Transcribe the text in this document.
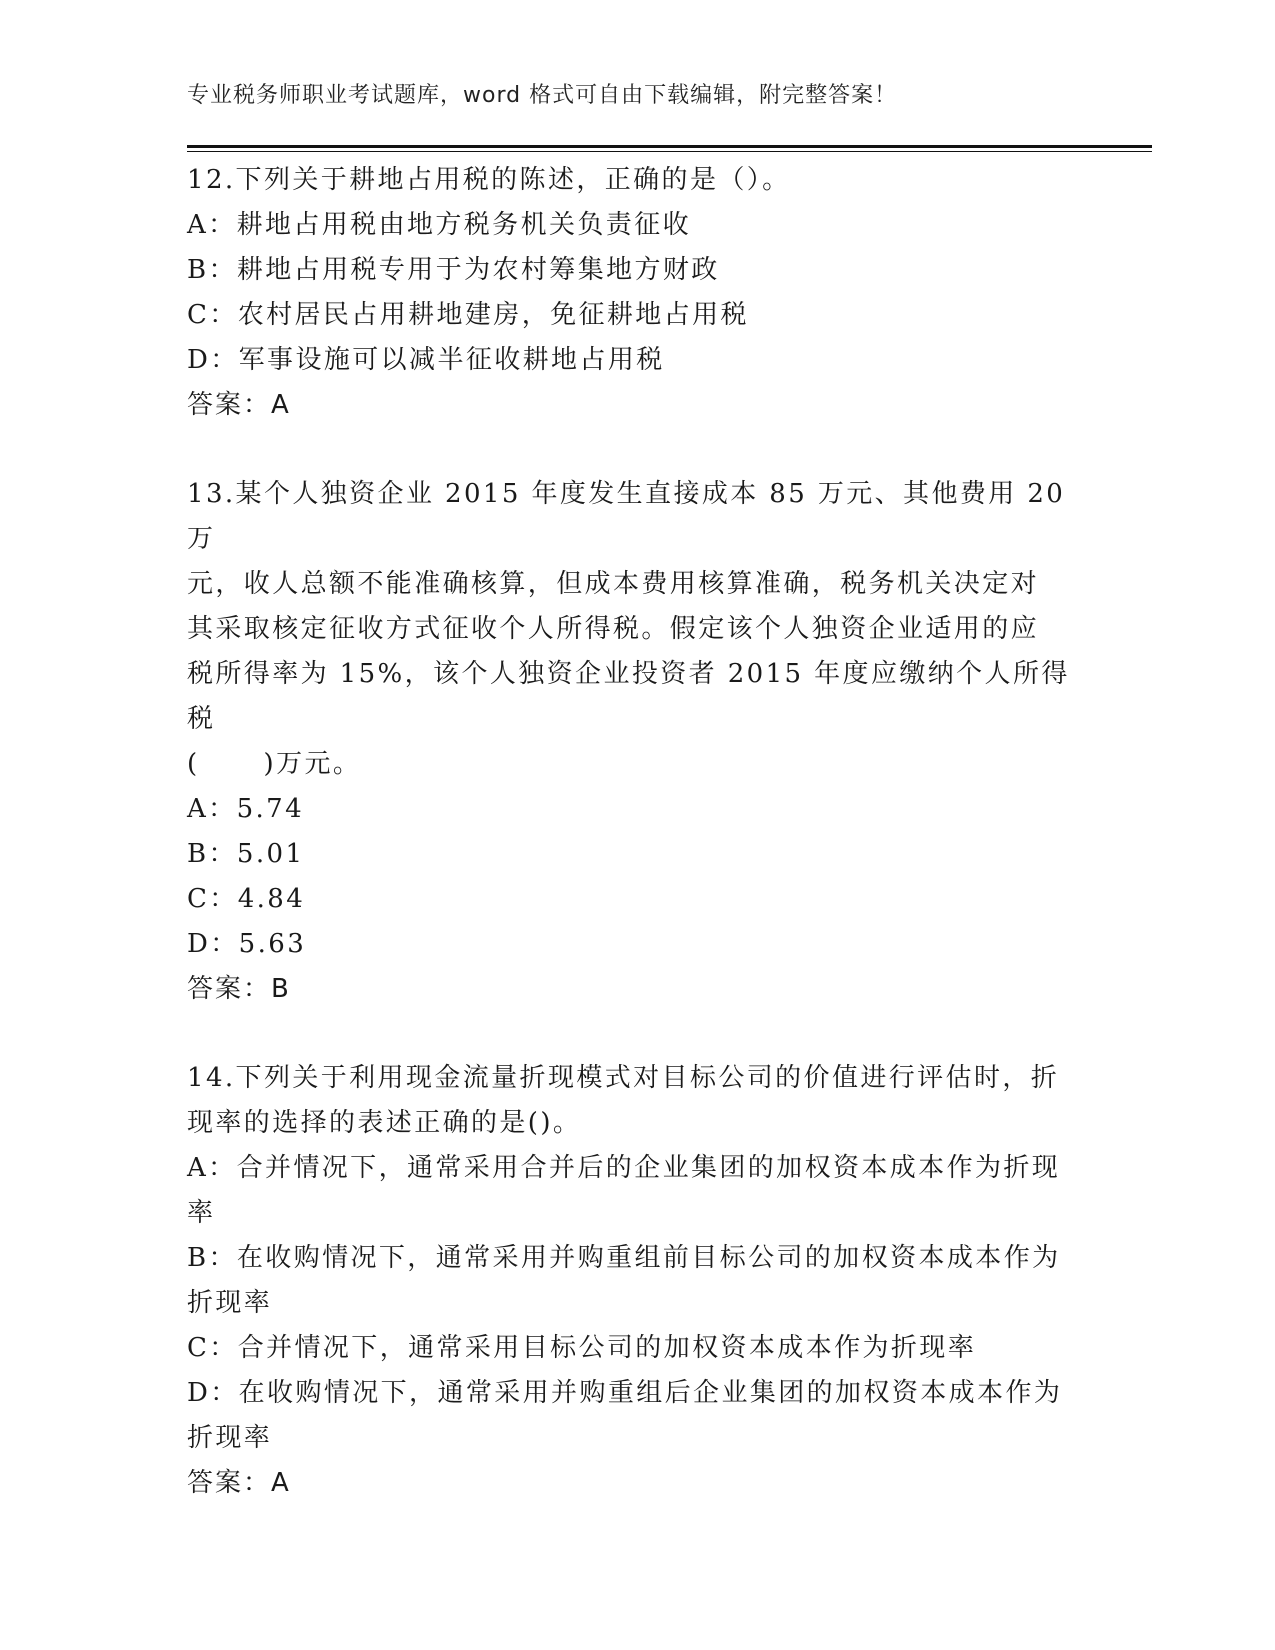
专业税务师职业考试题库，word 格式可自由下载编辑，附完整答案！
12.下列关于耕地占用税的陈述，正确的是（）。
A：耕地占用税由地方税务机关负责征收
B：耕地占用税专用于为农村筹集地方财政
C：农村居民占用耕地建房，免征耕地占用税
D：军事设施可以减半征收耕地占用税
答案：A
13.某个人独资企业 2015 年度发生直接成本 85 万元、其他费用 20 万
元，收人总额不能准确核算，但成本费用核算准确，税务机关决定对
其采取核定征收方式征收个人所得税。假定该个人独资企业适用的应
税所得率为 15%，该个人独资企业投资者 2015 年度应缴纳个人所得税
(      )万元。
A：5.74
B：5.01
C：4.84
D：5.63
答案：B
14.下列关于利用现金流量折现模式对目标公司的价值进行评估时，折
现率的选择的表述正确的是()。
A：合并情况下，通常采用合并后的企业集团的加权资本成本作为折现
率
B：在收购情况下，通常采用并购重组前目标公司的加权资本成本作为
折现率
C：合并情况下，通常采用目标公司的加权资本成本作为折现率
D：在收购情况下，通常采用并购重组后企业集团的加权资本成本作为
折现率
答案：A
